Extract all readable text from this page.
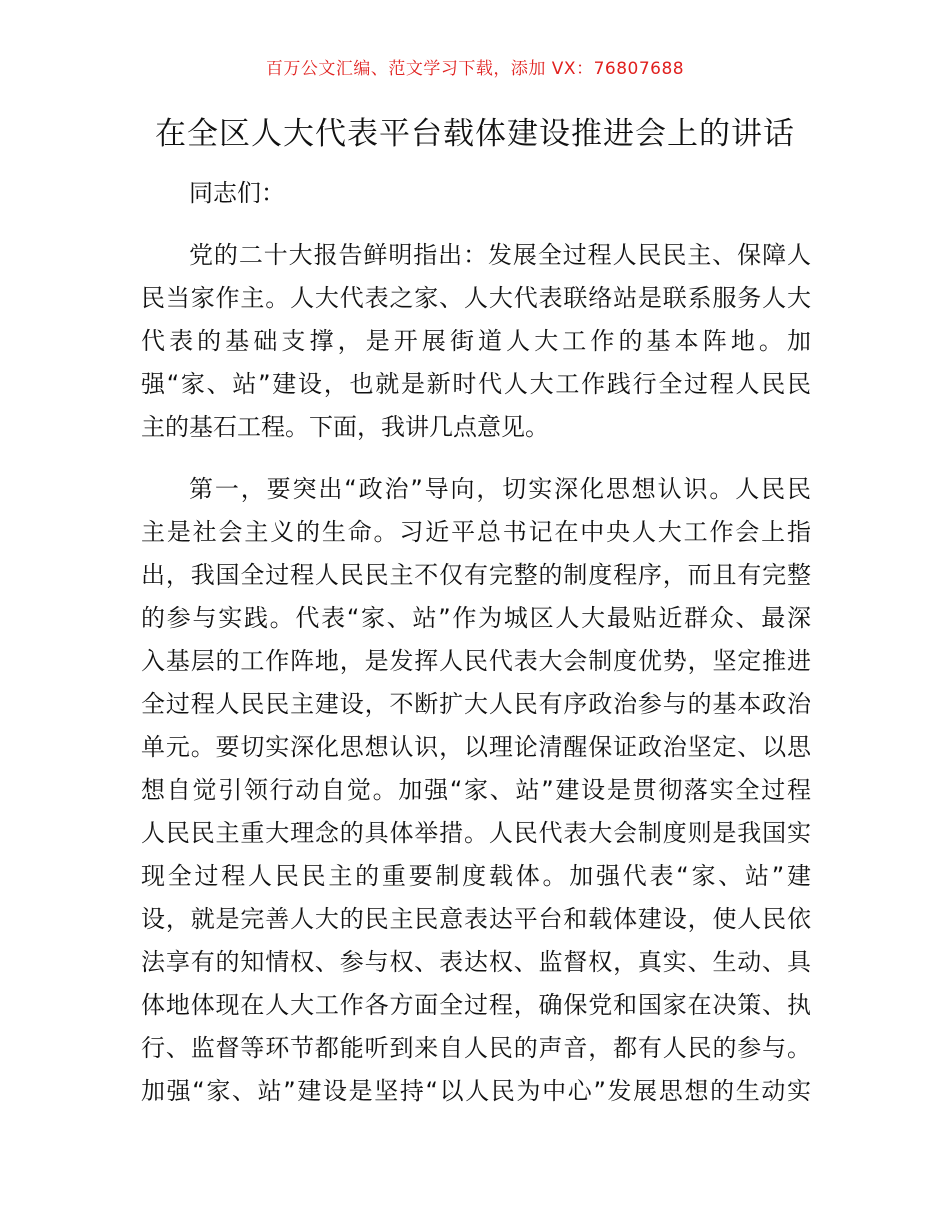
百万公文汇编、范文学习下载，添加 VX：76807688
在全区人大代表平台载体建设推进会上的讲话
同志们：
党的二十大报告鲜明指出：发展全过程人民民主、保障人
民当家作主。人大代表之家、人大代表联络站是联系服务人大
代表的基础支撑，是开展街道人大工作的基本阵地。加
强“家、站”建设，也就是新时代人大工作践行全过程人民民
主的基石工程。下面，我讲几点意见。
第一，要突出“政治”导向，切实深化思想认识。人民民
主是社会主义的生命。习近平总书记在中央人大工作会上指
出，我国全过程人民民主不仅有完整的制度程序，而且有完整
的参与实践。代表“家、站”作为城区人大最贴近群众、最深
入基层的工作阵地，是发挥人民代表大会制度优势，坚定推进
全过程人民民主建设，不断扩大人民有序政治参与的基本政治
单元。要切实深化思想认识，以理论清醒保证政治坚定、以思
想自觉引领行动自觉。加强“家、站”建设是贯彻落实全过程
人民民主重大理念的具体举措。人民代表大会制度则是我国实
现全过程人民民主的重要制度载体。加强代表“家、站”建
设，就是完善人大的民主民意表达平台和载体建设，使人民依
法享有的知情权、参与权、表达权、监督权，真实、生动、具
体地体现在人大工作各方面全过程，确保党和国家在决策、执
行、监督等环节都能听到来自人民的声音，都有人民的参与。
加强“家、站”建设是坚持“以人民为中心”发展思想的生动实
